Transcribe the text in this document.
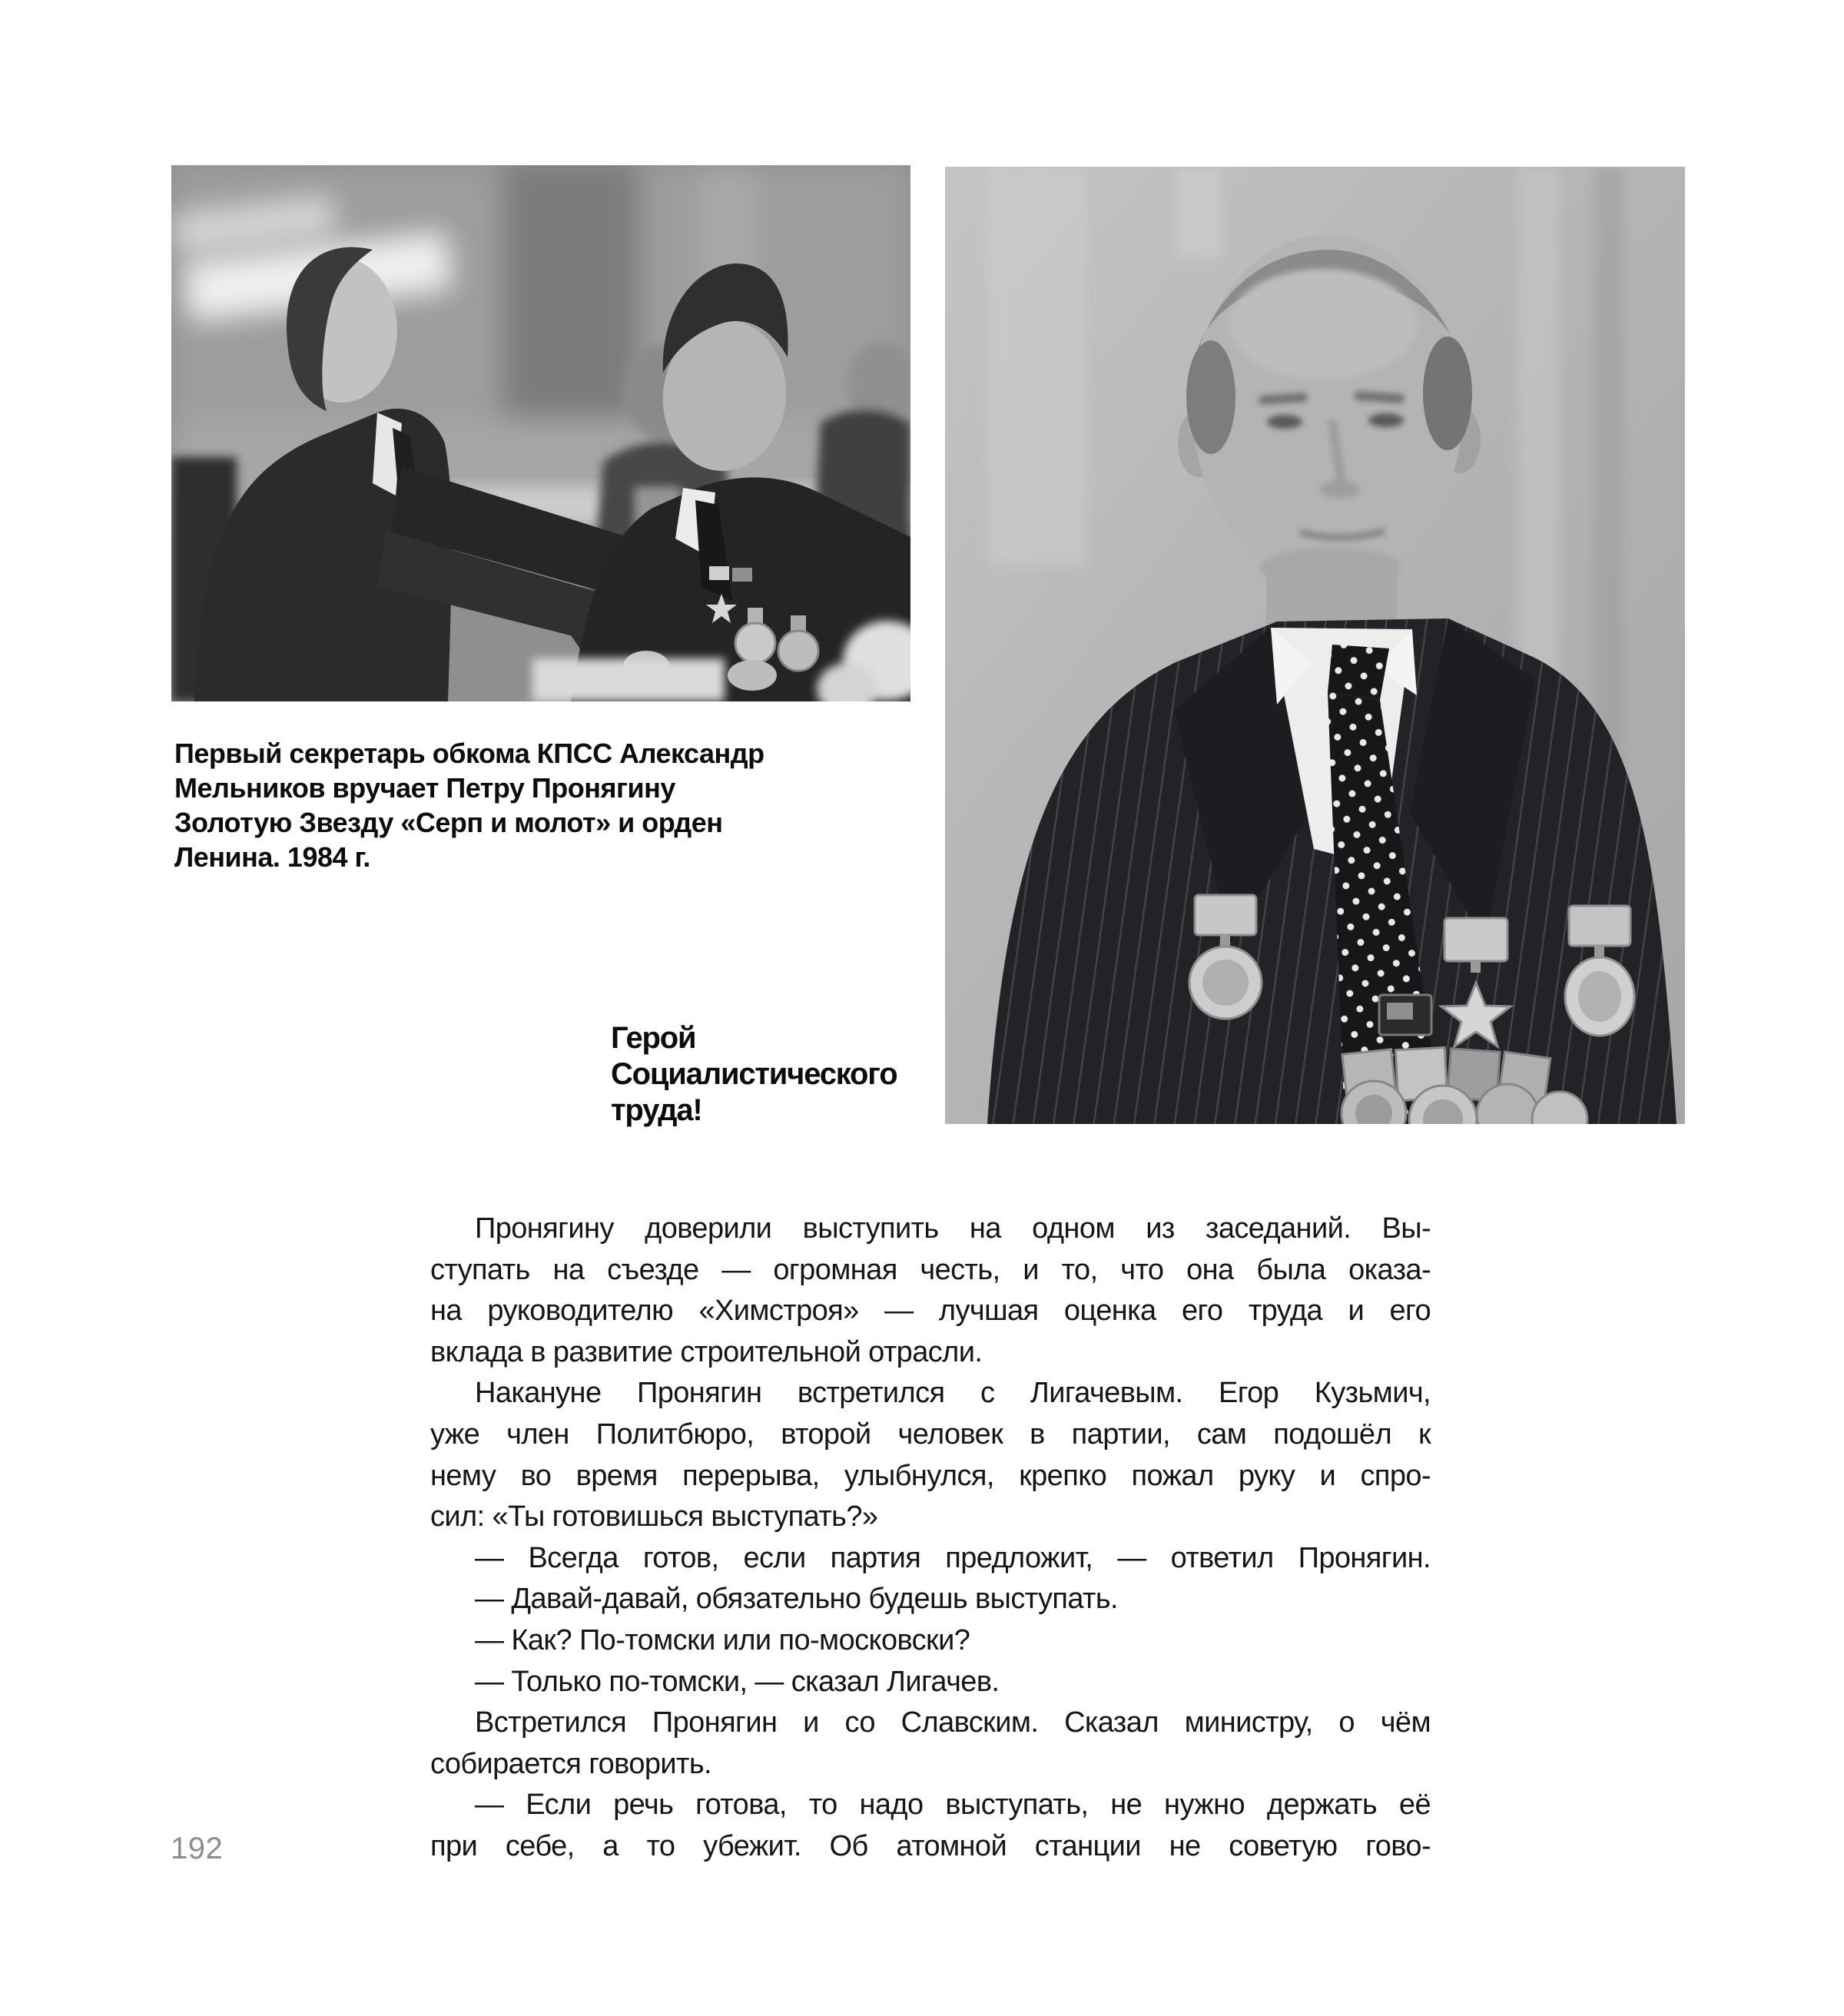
Первый секретарь обкома КПСС Александр
Мельников вручает Петру Пронягину
Золотую Звезду «Серп и молот» и орден
Ленина. 1984 г.
Герой
Социалистического
труда!
Пронягину доверили выступить на одном из заседаний. Вы-
ступать на съезде — огромная честь, и то, что она была оказа-
на руководителю «Химстроя» — лучшая оценка его труда и его
вклада в развитие строительной отрасли.
Накануне Пронягин встретился с Лигачевым. Егор Кузьмич,
уже член Политбюро, второй человек в партии, сам подошёл к
нему во время перерыва, улыбнулся, крепко пожал руку и спро-
сил: «Ты готовишься выступать?»
— Всегда готов, если партия предложит, — ответил Пронягин.
— Давай-давай, обязательно будешь выступать.
— Как? По-томски или по-московски?
— Только по-томски, — сказал Лигачев.
Встретился Пронягин и со Славским. Сказал министру, о чём
собирается говорить.
— Если речь готова, то надо выступать, не нужно держать её
при себе, а то убежит. Об атомной станции не советую гово-
192
